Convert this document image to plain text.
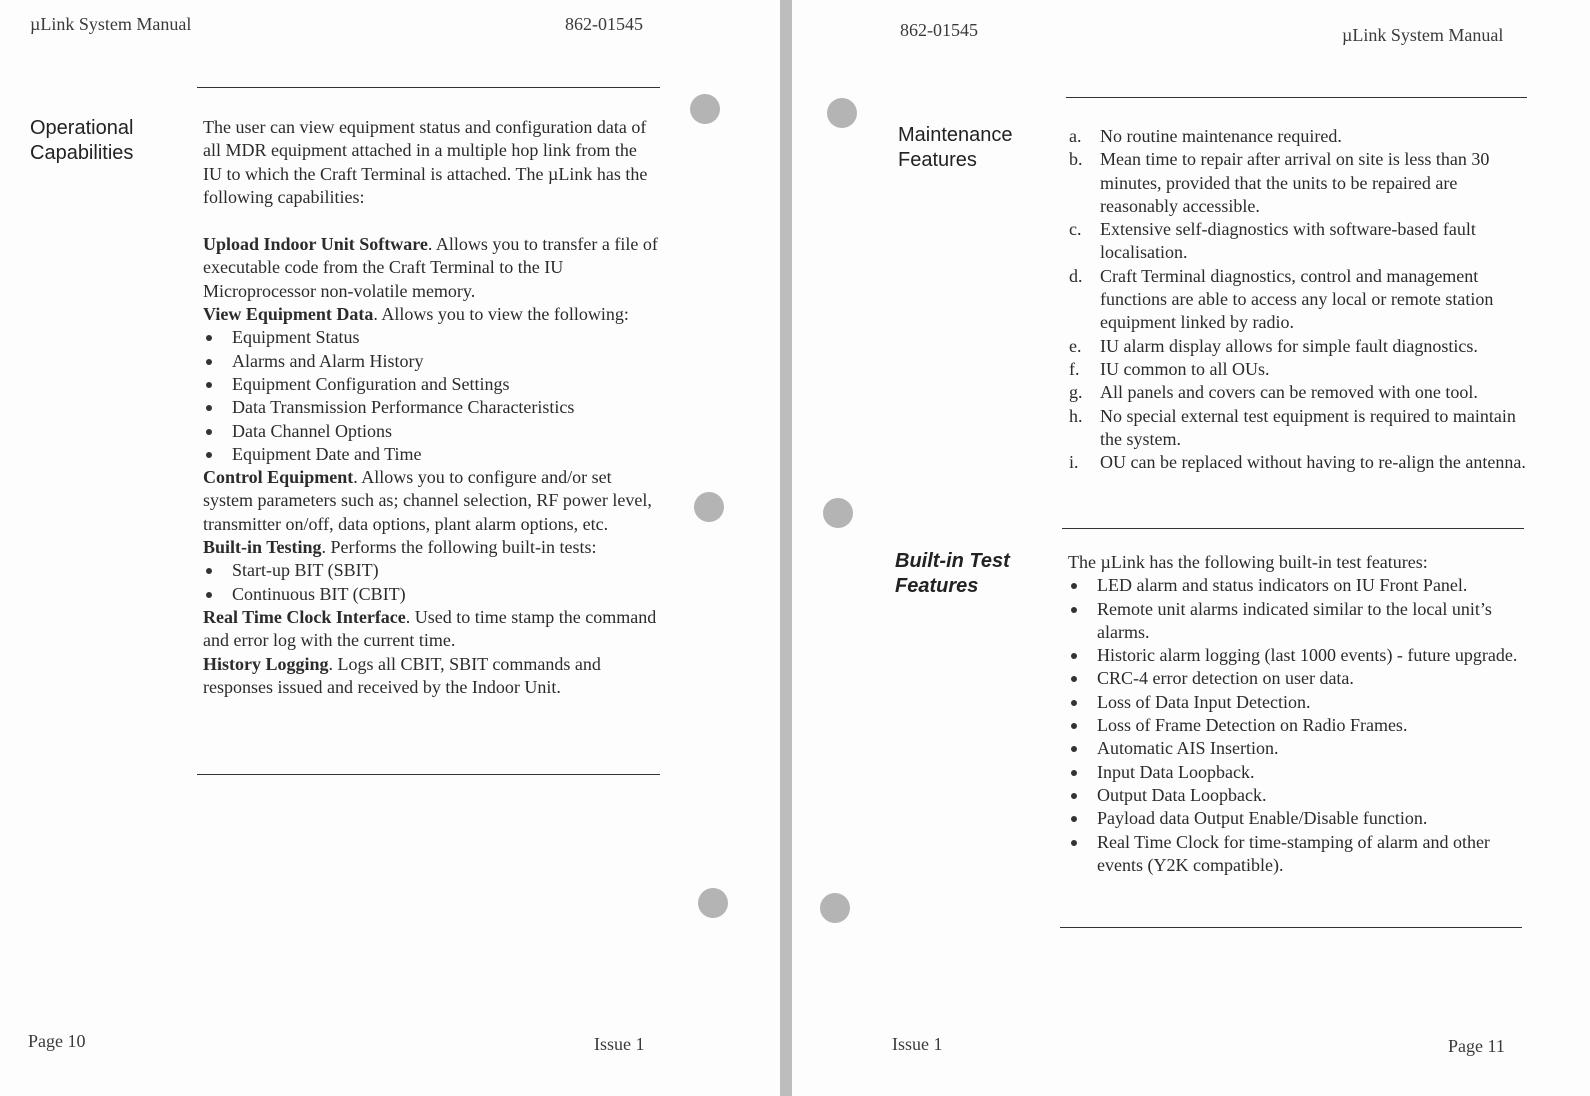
µLink System Manual	862-01545
Operational
Capabilities

The user can view equipment status and configuration data of all MDR equipment attached in a multiple hop link from the IU to which the Craft Terminal is attached. The µLink has the following capabilities:

Upload Indoor Unit Software. Allows you to transfer a file of executable code from the Craft Terminal to the IU Microprocessor non-volatile memory.

View Equipment Data. Allows you to view the following:

Equipment Status
Alarms and Alarm History
Equipment Configuration and Settings
Data Transmission Performance Characteristics
Data Channel Options
Equipment Date and Time

Control Equipment. Allows you to configure and/or set system parameters such as; channel selection, RF power level, transmitter on/off, data options, plant alarm options, etc.

Built-in Testing. Performs the following built-in tests:

Start-up BIT (SBIT)
Continuous BIT (CBIT)

Real Time Clock Interface. Used to time stamp the command and error log with the current time.

History Logging. Logs all CBIT, SBIT commands and responses issued and received by the Indoor Unit.

Page 10	Issue 1
862-01545	µLink System Manual
Maintenance
Features
a. No routine maintenance required.
b. Mean time to repair after arrival on site is less than 30 minutes, provided that the units to be repaired are reasonably accessible.
c. Extensive self-diagnostics with software-based fault localisation.
d. Craft Terminal diagnostics, control and management functions are able to access any local or remote station equipment linked by radio.
e. IU alarm display allows for simple fault diagnostics.
f. IU common to all OUs.
g. All panels and covers can be removed with one tool.
h. No special external test equipment is required to maintain the system.
i. OU can be replaced without having to re-align the antenna.
Built-in Test
Features

The µLink has the following built-in test features:

LED alarm and status indicators on IU Front Panel.
Remote unit alarms indicated similar to the local unit’s alarms.
Historic alarm logging (last 1000 events) - future upgrade.
CRC-4 error detection on user data.
Loss of Data Input Detection.
Loss of Frame Detection on Radio Frames.
Automatic AIS Insertion.
Input Data Loopback.
Output Data Loopback.
Payload data Output Enable/Disable function.
Real Time Clock for time-stamping of alarm and other events (Y2K compatible).
Issue 1	Page 11
